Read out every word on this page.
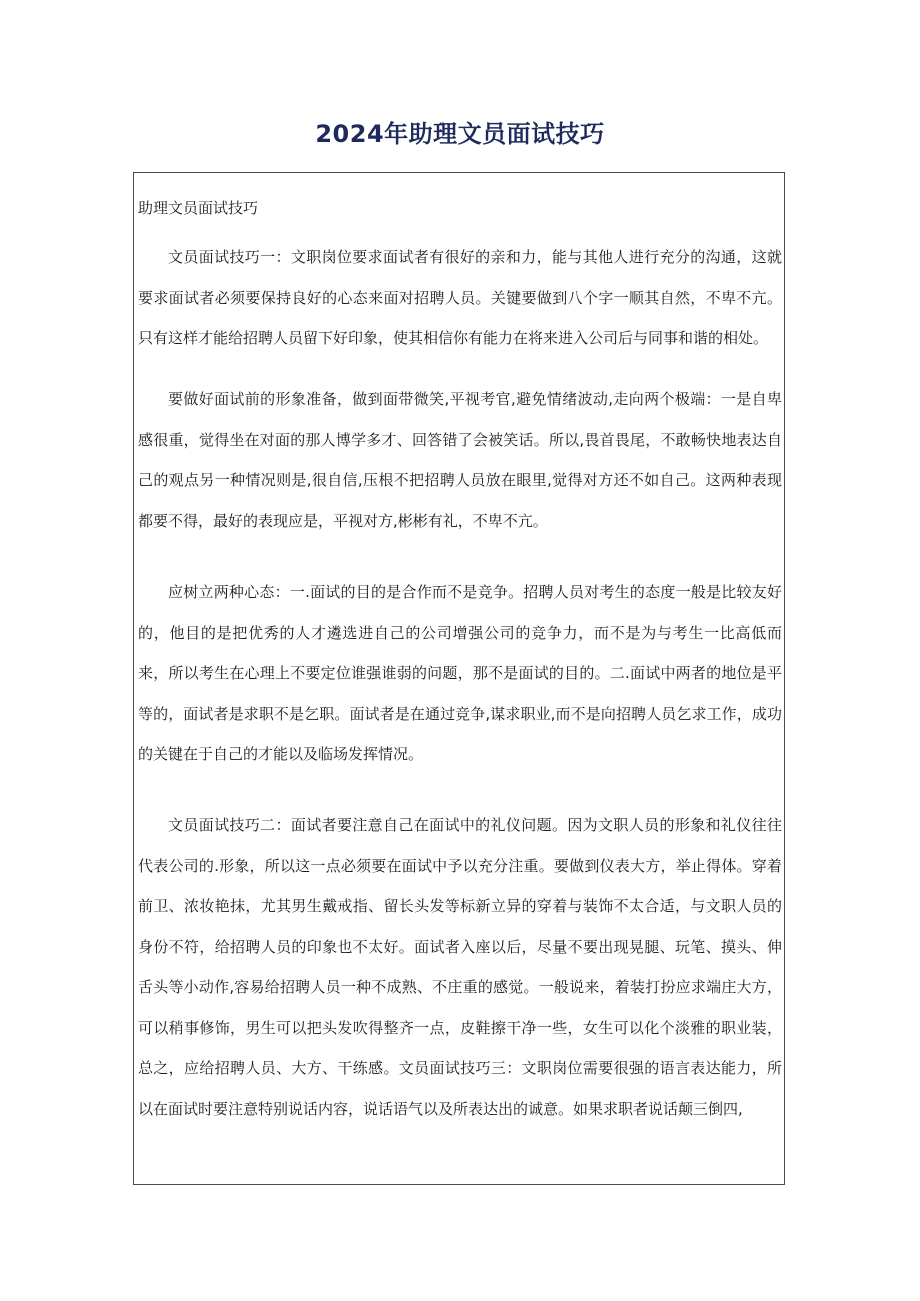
2024年助理文员面试技巧
助理文员面试技巧

文员面试技巧一：文职岗位要求面试者有很好的亲和力，能与其他人进行充分的沟通，这就要求面试者必须要保持良好的心态来面对招聘人员。关键要做到八个字一顺其自然，不卑不亢。只有这样才能给招聘人员留下好印象，使其相信你有能力在将来进入公司后与同事和谐的相处。

要做好面试前的形象准备，做到面带微笑,平视考官,避免情绪波动,走向两个极端：一是自卑感很重，觉得坐在对面的那人博学多才、回答错了会被笑话。所以,畏首畏尾，不敢畅快地表达自己的观点另一种情况则是,很自信,压根不把招聘人员放在眼里,觉得对方还不如自己。这两种表现都要不得，最好的表现应是，平视对方,彬彬有礼，不卑不亢。

应树立两种心态：一.面试的目的是合作而不是竞争。招聘人员对考生的态度一般是比较友好的，他目的是把优秀的人才遴选进自己的公司增强公司的竞争力，而不是为与考生一比高低而来，所以考生在心理上不要定位谁强谁弱的问题，那不是面试的目的。二.面试中两者的地位是平等的，面试者是求职不是乞职。面试者是在通过竞争,谋求职业,而不是向招聘人员乞求工作，成功的关键在于自己的才能以及临场发挥情况。

文员面试技巧二：面试者要注意自己在面试中的礼仪问题。因为文职人员的形象和礼仪往往代表公司的.形象，所以这一点必须要在面试中予以充分注重。要做到仪表大方，举止得体。穿着前卫、浓妆艳抹，尤其男生戴戒指、留长头发等标新立异的穿着与装饰不太合适，与文职人员的身份不符，给招聘人员的印象也不太好。面试者入座以后，尽量不要出现晃腿、玩笔、摸头、伸舌头等小动作,容易给招聘人员一种不成熟、不庄重的感觉。一般说来，着装打扮应求端庄大方，可以稍事修饰，男生可以把头发吹得整齐一点，皮鞋擦干净一些，女生可以化个淡雅的职业装，总之，应给招聘人员、大方、干练感。文员面试技巧三：文职岗位需要很强的语言表达能力，所以在面试时要注意特别说话内容，说话语气以及所表达出的诚意。如果求职者说话颠三倒四,
